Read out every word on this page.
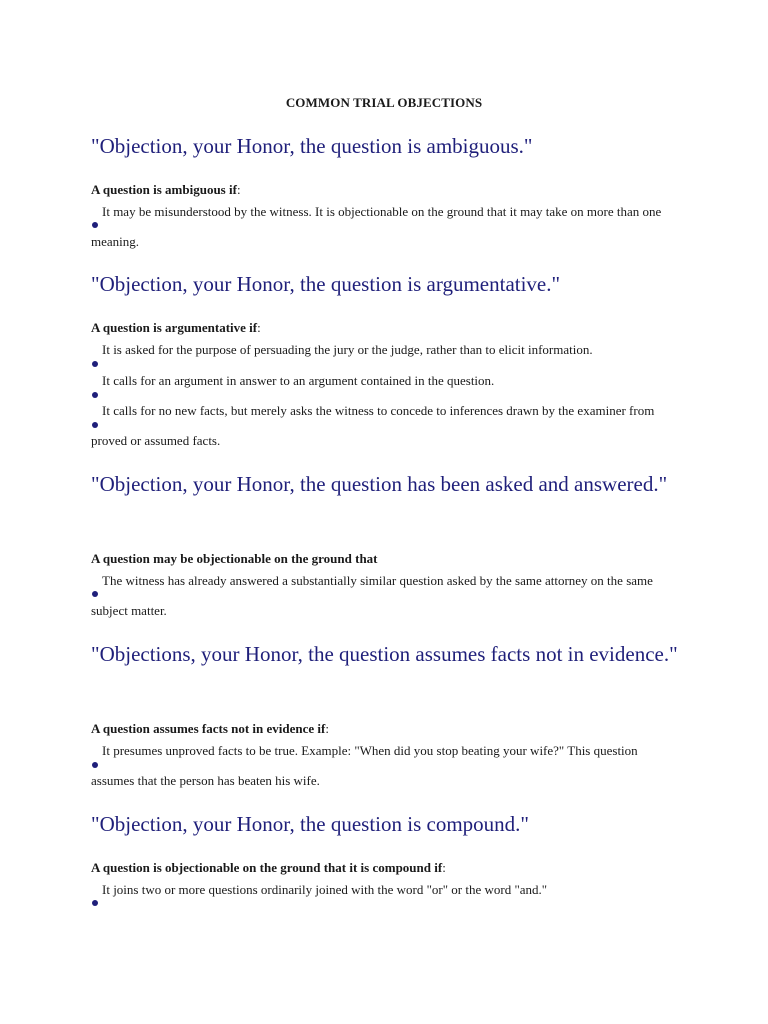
COMMON TRIAL OBJECTIONS
"Objection, your Honor, the question is ambiguous."

A question is ambiguous if:

It may be misunderstood by the witness. It is objectionable on the ground that it may take on more than one meaning.

"Objection, your Honor, the question is argumentative."

A question is argumentative if:

It is asked for the purpose of persuading the jury or the judge, rather than to elicit information.

It calls for an argument in answer to an argument contained in the question.

It calls for no new facts, but merely asks the witness to concede to inferences drawn by the examiner from proved or assumed facts.

"Objection, your Honor, the question has been asked and answered."

A question may be objectionable on the ground that

The witness has already answered a substantially similar question asked by the same attorney on the same subject matter.

"Objections, your Honor, the question assumes facts not in evidence."

A question assumes facts not in evidence if:

It presumes unproved facts to be true. Example: "When did you stop beating your wife?" This question assumes that the person has beaten his wife.

"Objection, your Honor, the question is compound."

A question is objectionable on the ground that it is compound if:

It joins two or more questions ordinarily joined with the word "or" or the word "and."
